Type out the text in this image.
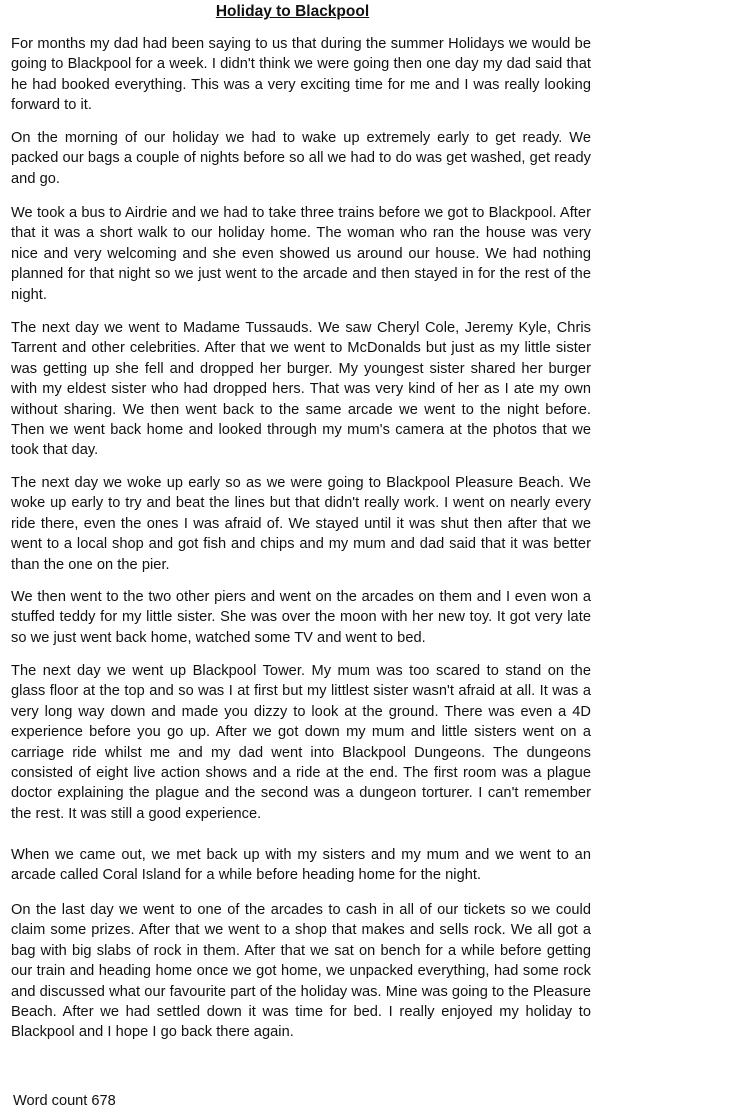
Holiday to Blackpool

For months my dad had been saying to us that during the summer Holidays we would be going to Blackpool for a week. I didn't think we were going then one day my dad said that he had booked everything. This was a very exciting time for me and I was really looking forward to it.

On the morning of our holiday we had to wake up extremely early to get ready. We packed our bags a couple of nights before so all we had to do was get washed, get ready and go.

We took a bus to Airdrie and we had to take three trains before we got to Blackpool. After that it was a short walk to our holiday home. The woman who ran the house was very nice and very welcoming and she even showed us around our house. We had nothing planned for that night so we just went to the arcade and then stayed in for the rest of the night.

The next day we went to Madame Tussauds. We saw Cheryl Cole, Jeremy Kyle, Chris Tarrent and other celebrities. After that we went to McDonalds but just as my little sister was getting up she fell and dropped her burger. My youngest sister shared her burger with my eldest sister who had dropped hers. That was very kind of her as I ate my own without sharing. We then went back to the same arcade we went to the night before. Then we went back home and looked through my mum's camera at the photos that we took that day.

The next day we woke up early so as we were going to Blackpool Pleasure Beach. We woke up early to try and beat the lines but that didn't really work. I went on nearly every ride there, even the ones I was afraid of. We stayed until it was shut then after that we went to a local shop and got fish and chips and my mum and dad said that it was better than the one on the pier.

We then went to the two other piers and went on the arcades on them and I even won a stuffed teddy for my little sister. She was over the moon with her new toy. It got very late so we just went back home, watched some TV and went to bed.

The next day we went up Blackpool Tower. My mum was too scared to stand on the glass floor at the top and so was I at first but my littlest sister wasn't afraid at all. It was a very long way down and made you dizzy to look at the ground. There was even a 4D experience before you go up. After we got down my mum and little sisters went on a carriage ride whilst me and my dad went into Blackpool Dungeons. The dungeons consisted of eight live action shows and a ride at the end. The first room was a plague doctor explaining the plague and the second was a dungeon torturer. I can't remember the rest. It was still a good experience.

When we came out, we met back up with my sisters and my mum and we went to an arcade called Coral Island for a while before heading home for the night.

On the last day we went to one of the arcades to cash in all of our tickets so we could claim some prizes. After that we went to a shop that makes and sells rock. We all got a bag with big slabs of rock in them. After that we sat on bench for a while before getting our train and heading home once we got home, we unpacked everything, had some rock and discussed what our favourite part of the holiday was. Mine was going to the Pleasure Beach. After we had settled down it was time for bed. I really enjoyed my holiday to Blackpool and I hope I go back there again.

Word count 678
